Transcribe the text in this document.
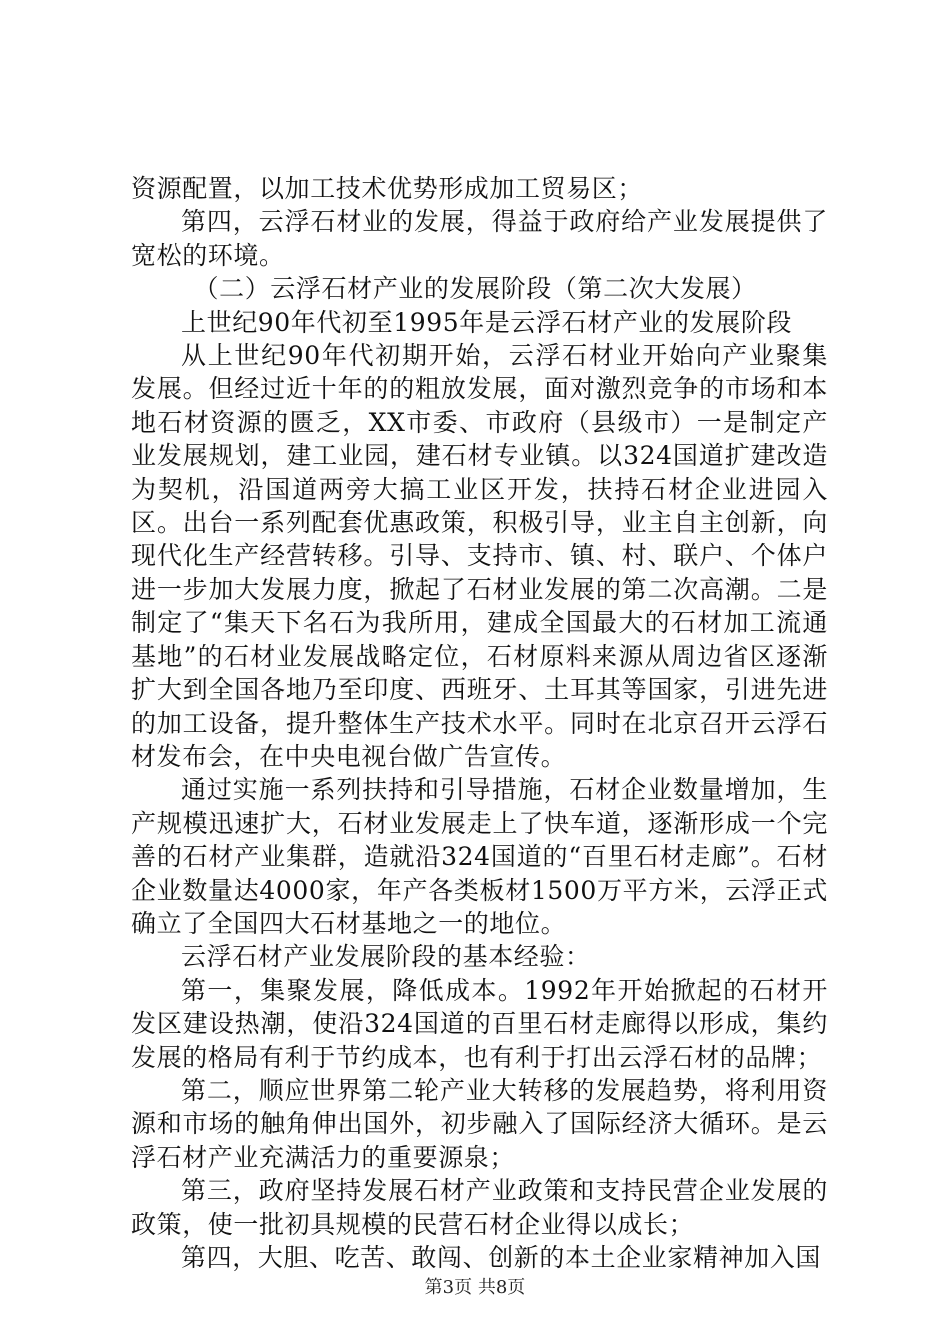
资源配置，以加工技术优势形成加工贸易区；

第四，云浮石材业的发展，得益于政府给产业发展提供了宽松的环境。

（二）云浮石材产业的发展阶段（第二次大发展）

上世纪90年代初至1995年是云浮石材产业的发展阶段

从上世纪90年代初期开始，云浮石材业开始向产业聚集发展。但经过近十年的的粗放发展，面对激烈竞争的市场和本地石材资源的匮乏，XX市委、市政府（县级市）一是制定产业发展规划，建工业园，建石材专业镇。以324国道扩建改造为契机，沿国道两旁大搞工业区开发，扶持石材企业进园入区。出台一系列配套优惠政策，积极引导，业主自主创新，向现代化生产经营转移。引导、支持市、镇、村、联户、个体户进一步加大发展力度，掀起了石材业发展的第二次高潮。二是制定了“集天下名石为我所用，建成全国最大的石材加工流通基地”的石材业发展战略定位，石材原料来源从周边省区逐渐扩大到全国各地乃至印度、西班牙、土耳其等国家，引进先进的加工设备，提升整体生产技术水平。同时在北京召开云浮石材发布会，在中央电视台做广告宣传。

通过实施一系列扶持和引导措施，石材企业数量增加，生产规模迅速扩大，石材业发展走上了快车道，逐渐形成一个完善的石材产业集群，造就沿324国道的“百里石材走廊”。石材企业数量达4000家，年产各类板材1500万平方米，云浮正式确立了全国四大石材基地之一的地位。

云浮石材产业发展阶段的基本经验：

第一，集聚发展，降低成本。1992年开始掀起的石材开发区建设热潮，使沿324国道的百里石材走廊得以形成，集约发展的格局有利于节约成本，也有利于打出云浮石材的品牌；

第二，顺应世界第二轮产业大转移的发展趋势，将利用资源和市场的触角伸出国外，初步融入了国际经济大循环。是云浮石材产业充满活力的重要源泉；

第三，政府坚持发展石材产业政策和支持民营企业发展的政策，使一批初具规模的民营石材企业得以成长；

第四，大胆、吃苦、敢闯、创新的本土企业家精神加入国

第3页 共8页
